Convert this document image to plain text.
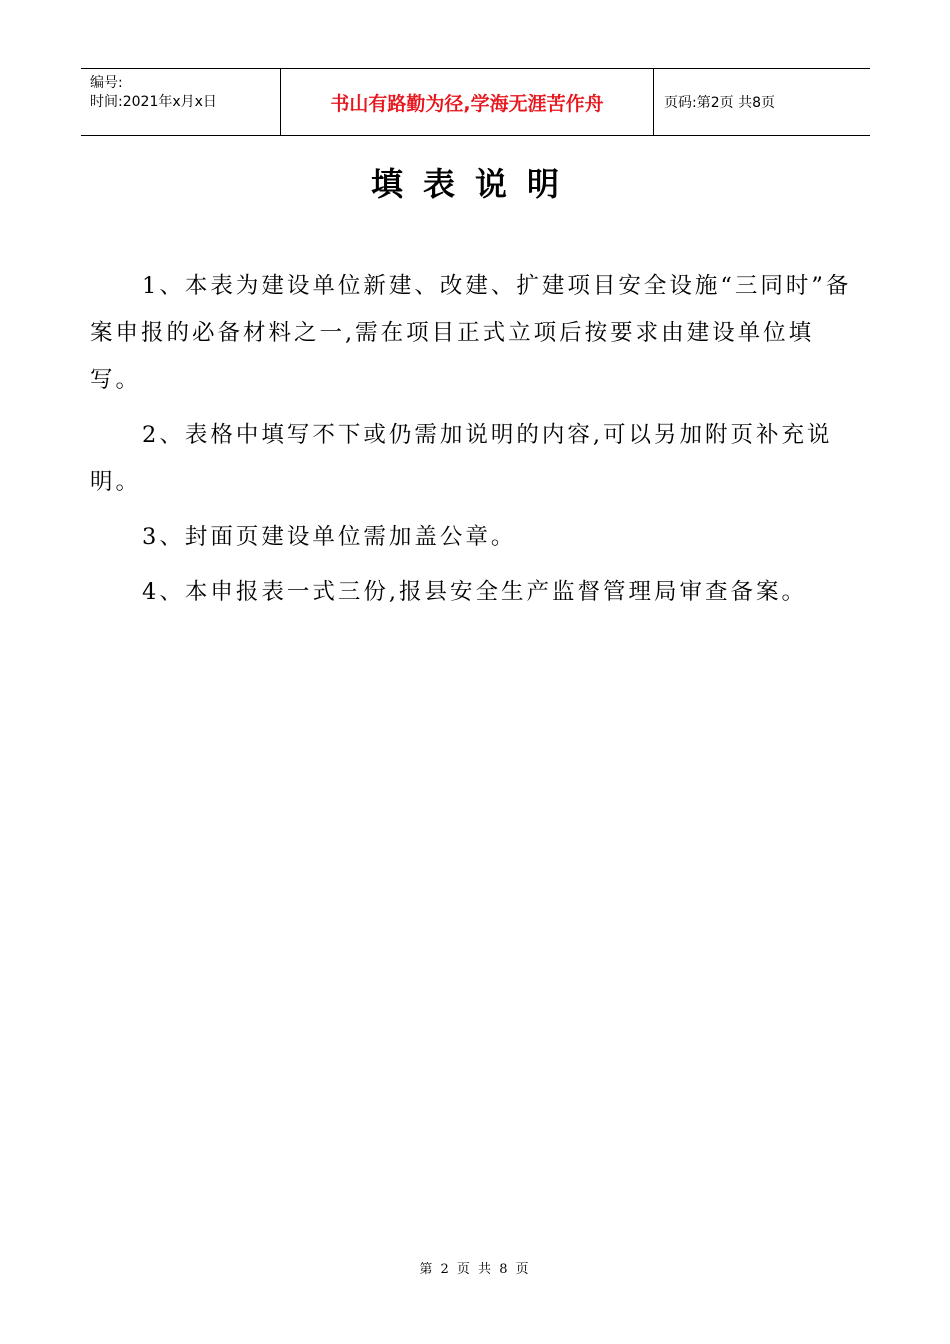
编号:
时间:2021年x月x日	书山有路勤为径,学海无涯苦作舟	页码:第2页 共8页
填表说明

1、本表为建设单位新建、改建、扩建项目安全设施“三同时”备案申报的必备材料之一,需在项目正式立项后按要求由建设单位填写。

2、表格中填写不下或仍需加说明的内容,可以另加附页补充说明。

3、封面页建设单位需加盖公章。

4、本申报表一式三份,报县安全生产监督管理局审查备案。

第 2 页 共 8 页
